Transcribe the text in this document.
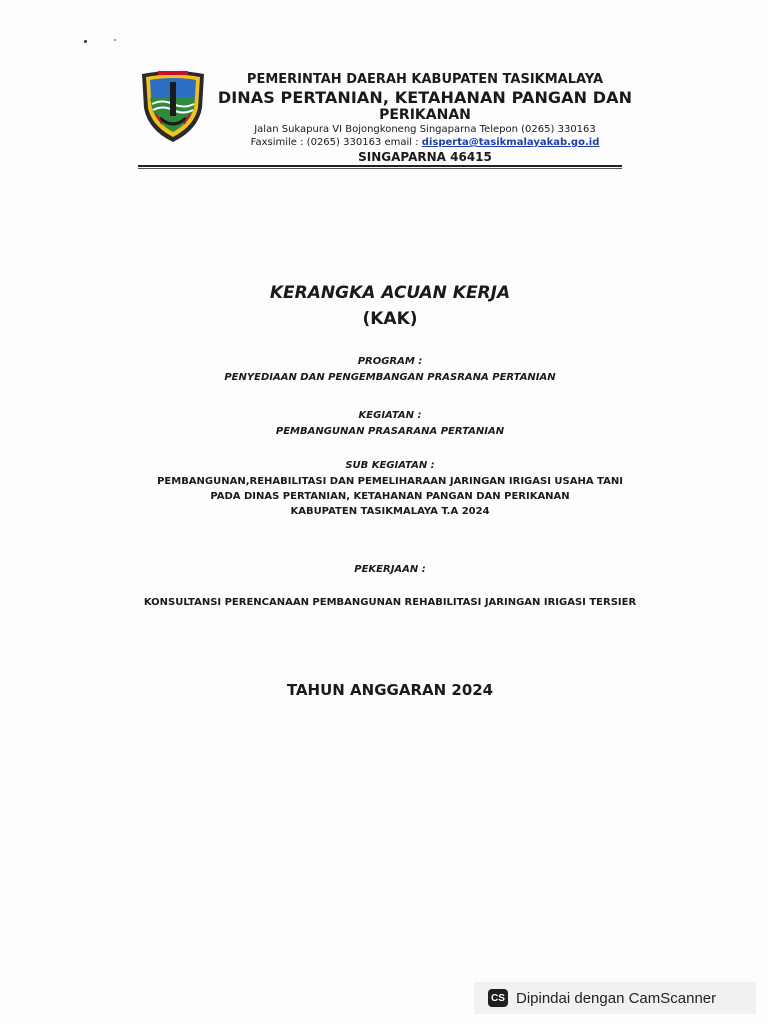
PEMERINTAH DAERAH KABUPATEN TASIKMALAYA
DINAS PERTANIAN, KETAHANAN PANGAN DAN
PERIKANAN
Jalan Sukapura VI Bojongkoneng Singaparna Telepon (0265) 330163
Faxsimile : (0265) 330163 email : disperta@tasikmalayakab.go.id
SINGAPARNA 46415
KERANGKA ACUAN KERJA
(KAK)
PROGRAM :
PENYEDIAAN DAN PENGEMBANGAN PRASRANA PERTANIAN
KEGIATAN :
PEMBANGUNAN PRASARANA PERTANIAN
SUB KEGIATAN :
PEMBANGUNAN,REHABILITASI DAN PEMELIHARAAN JARINGAN IRIGASI USAHA TANI
PADA DINAS PERTANIAN, KETAHANAN PANGAN DAN PERIKANAN
KABUPATEN TASIKMALAYA T.A 2024
PEKERJAAN :
KONSULTANSI PERENCANAAN PEMBANGUNAN REHABILITASI JARINGAN IRIGASI TERSIER
TAHUN ANGGARAN 2024
CS Dipindai dengan CamScanner
